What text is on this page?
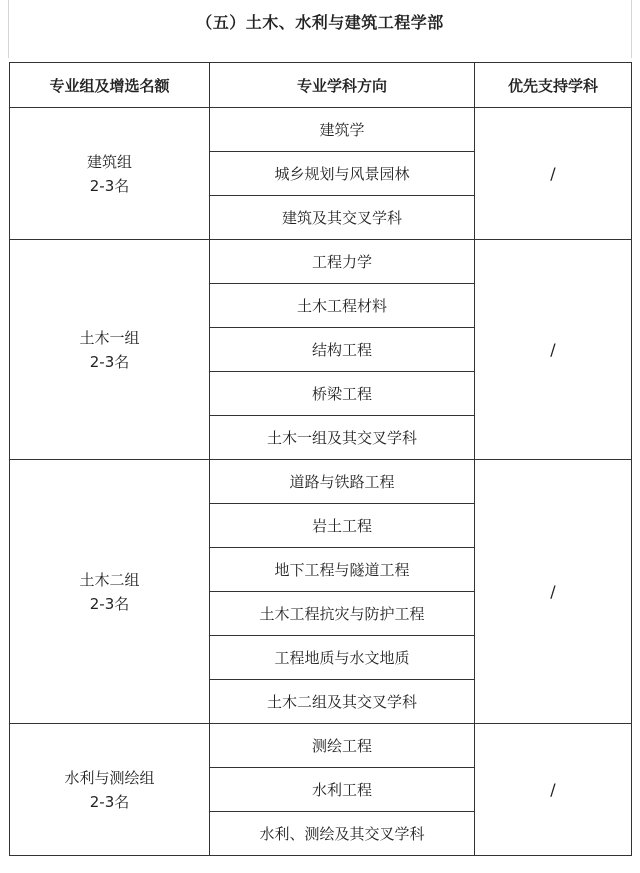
（五）土木、水利与建筑工程学部
专业组及增选名额	专业学科方向	优先支持学科

建筑组
2-3名	建筑学	/
	城乡规划与风景园林	
	建筑及其交叉学科	

土木一组
2-3名	工程力学	/
	土木工程材料	
	结构工程	
	桥梁工程	
	土木一组及其交叉学科	

土木二组
2-3名	道路与铁路工程	/
	岩土工程	
	地下工程与隧道工程	
	土木工程抗灾与防护工程	
	工程地质与水文地质	
	土木二组及其交叉学科	

水利与测绘组
2-3名	测绘工程	/
	水利工程	
	水利、测绘及其交叉学科	
